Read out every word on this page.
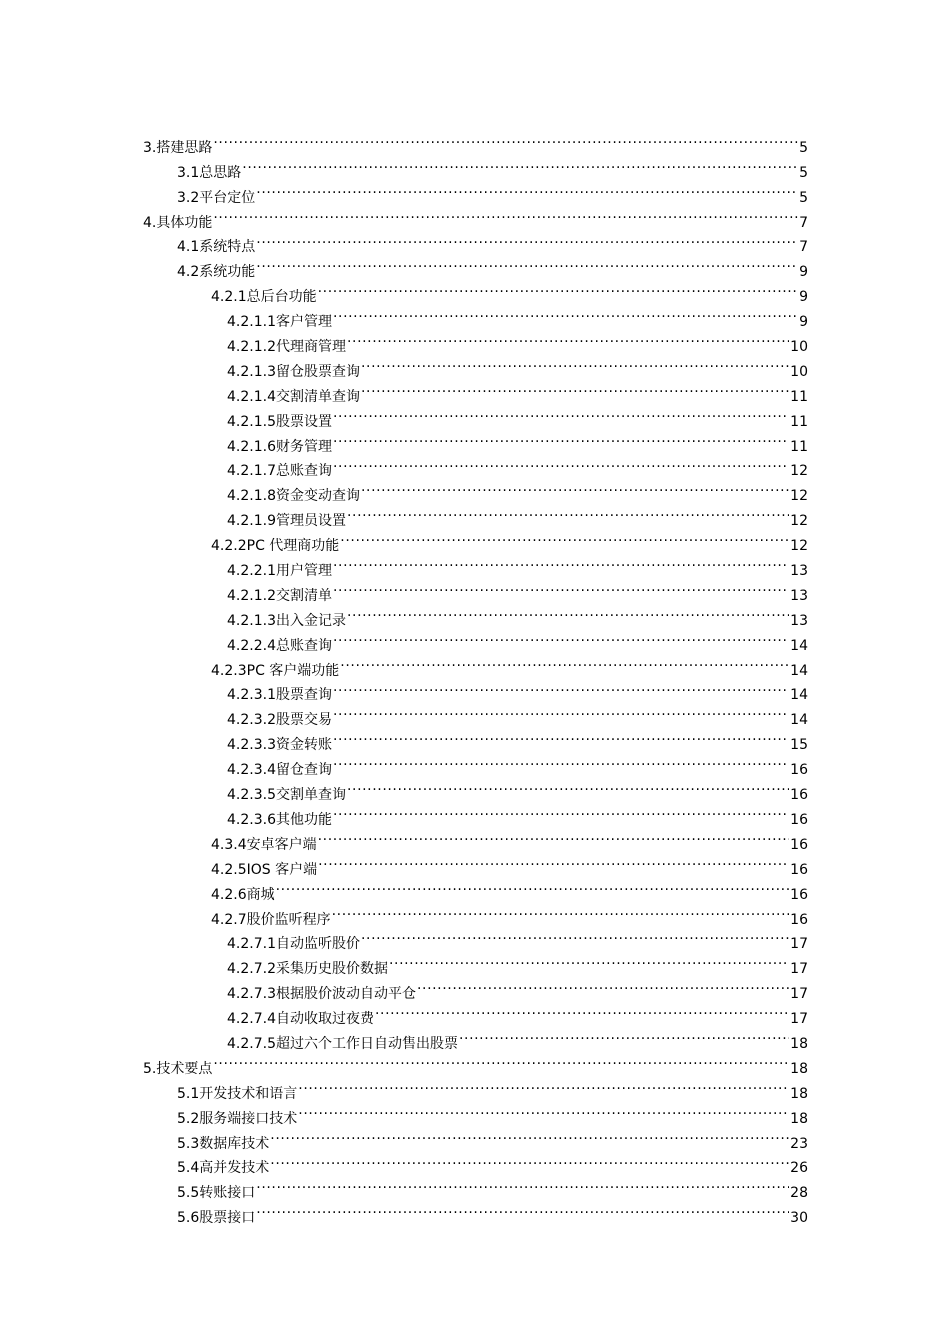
3. 搭建思路 .....	5
3.1 总思路 .....	5
3.2 平台定位 .....	5
4. 具体功能 .....	7
4.1 系统特点 .....	7
4.2 系统功能 .....	9
4.2.1 总后台功能 .....	9
4.2.1.1 客户管理 .....	9
4.2.1.2 代理商管理 .....	10
4.2.1.3 留仓股票查询 .....	10
4.2.1.4 交割清单查询 .....	11
4.2.1.5 股票设置 .....	11
4.2.1.6 财务管理 .....	11
4.2.1.7 总账查询 .....	12
4.2.1.8 资金变动查询 .....	12
4.2.1.9 管理员设置 .....	12
4.2.2 PC 代理商功能 .....	12
4.2.2.1 用户管理 .....	13
4.2.1.2 交割清单 .....	13
4.2.1.3 出入金记录 .....	13
4.2.2.4 总账查询 .....	14
4.2.3 PC 客户端功能 .....	14
4.2.3.1 股票查询 .....	14
4.2.3.2 股票交易 .....	14
4.2.3.3 资金转账 .....	15
4.2.3.4 留仓查询 .....	16
4.2.3.5 交割单查询 .....	16
4.2.3.6 其他功能 .....	16
4.3.4 安卓客户端 .....	16
4.2.5 IOS 客户端 .....	16
4.2.6 商城 .....	16
4.2.7 股价监听程序 .....	16
4.2.7.1 自动监听股价 .....	17
4.2.7.2 采集历史股价数据 .....	17
4.2.7.3 根据股价波动自动平仓 .....	17
4.2.7.4 自动收取过夜费 .....	17
4.2.7.5 超过六个工作日自动售出股票 .....	18
5. 技术要点 .....	18
5.1 开发技术和语言 .....	18
5.2 服务端接口技术 .....	18
5.3 数据库技术 .....	23
5.4 高并发技术 .....	26
5.5 转账接口 .....	28
5.6 股票接口 .....	30
